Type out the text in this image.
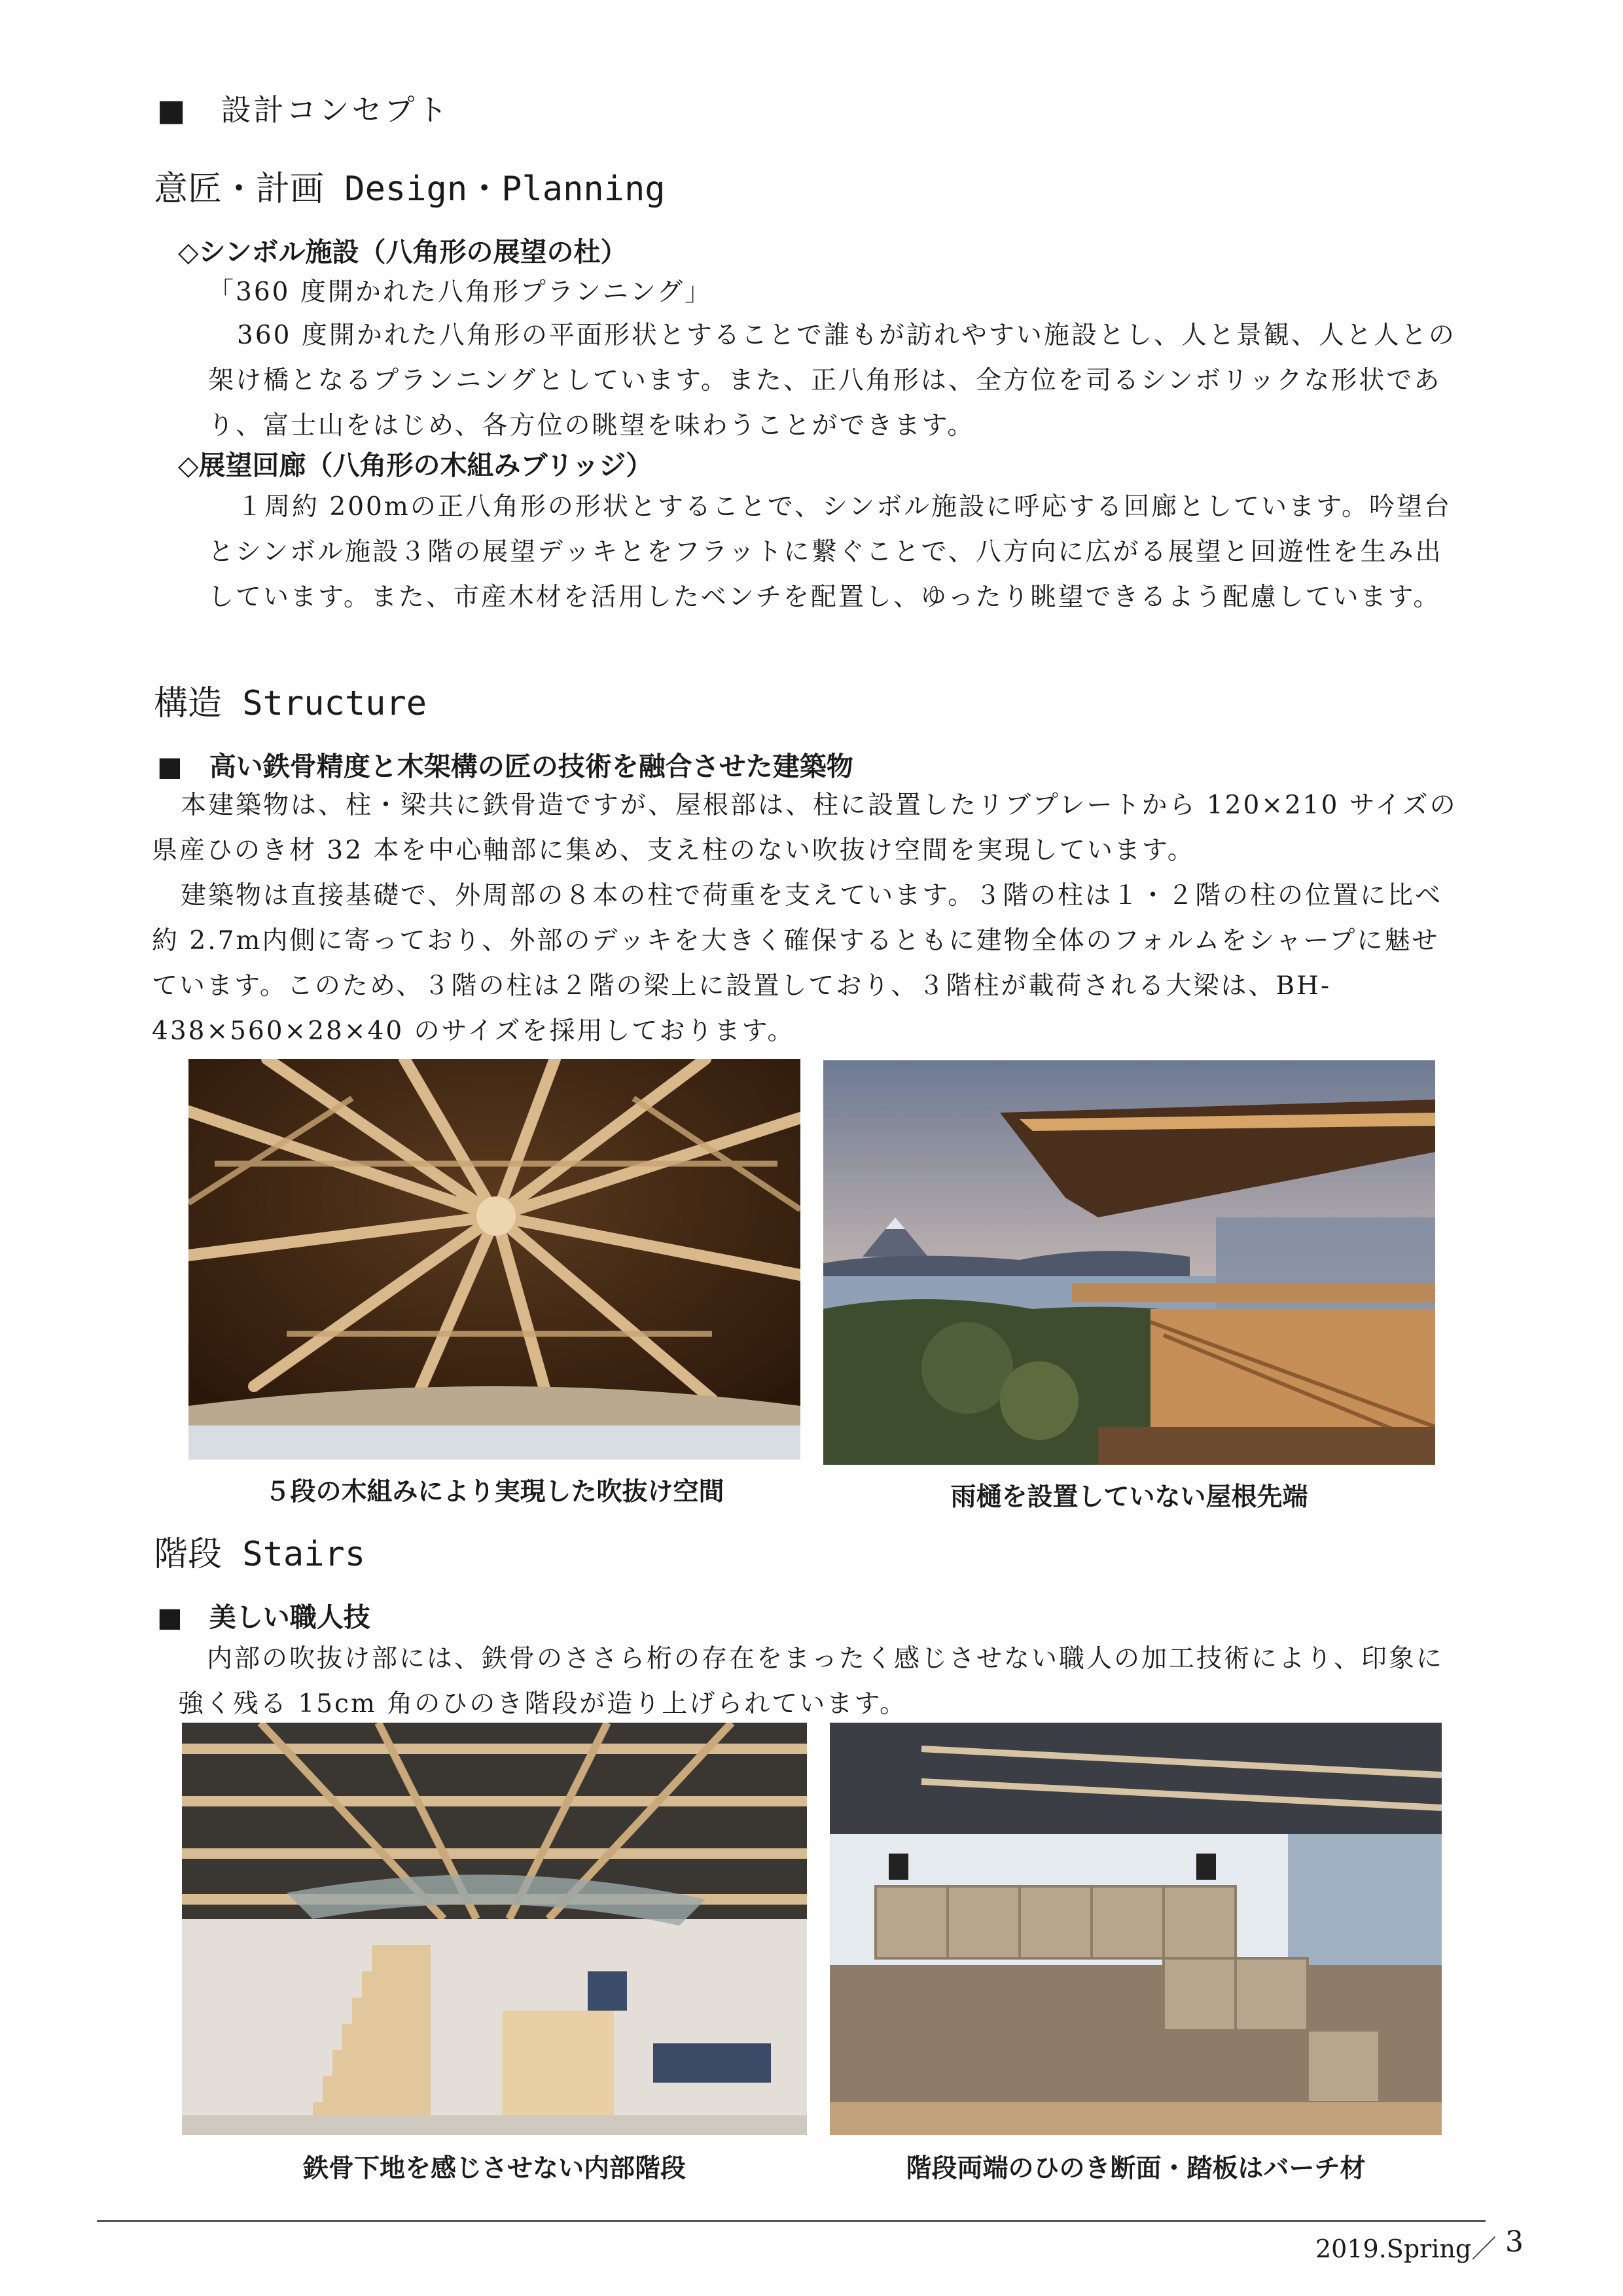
■　設計コンセプト
意匠・計画 Design・Planning
◇シンボル施設（八角形の展望の杜）
「360 度開かれた八角形プランニング」
360 度開かれた八角形の平面形状とすることで誰もが訪れやすい施設とし、人と景観、人と人との架け橋となるプランニングとしています。また、正八角形は、全方位を司るシンボリックな形状であり、富士山をはじめ、各方位の眺望を味わうことができます。
◇展望回廊（八角形の木組みブリッジ）
１周約 200mの正八角形の形状とすることで、シンボル施設に呼応する回廊としています。吟望台とシンボル施設３階の展望デッキとをフラットに繋ぐことで、八方向に広がる展望と回遊性を生み出しています。また、市産木材を活用したベンチを配置し、ゆったり眺望できるよう配慮しています。
構造 Structure
■　高い鉄骨精度と木架構の匠の技術を融合させた建築物

本建築物は、柱・梁共に鉄骨造ですが、屋根部は、柱に設置したリブプレートから 120×210 サイズの県産ひのき材 32 本を中心軸部に集め、支え柱のない吹抜け空間を実現しています。

建築物は直接基礎で、外周部の８本の柱で荷重を支えています。３階の柱は１・２階の柱の位置に比べ約 2.7m内側に寄っており、外部のデッキを大きく確保するともに建物全体のフォルムをシャープに魅せています。このため、３階の柱は２階の梁上に設置しており、３階柱が載荷される大梁は、BH-438×560×28×40 のサイズを採用しております。

５段の木組みにより実現した吹抜け空間	雨樋を設置していない屋根先端
階段 Stairs
■　美しい職人技
内部の吹抜け部には、鉄骨のささら桁の存在をまったく感じさせない職人の加工技術により、印象に強く残る 15cm 角のひのき階段が造り上げられています。
鉄骨下地を感じさせない内部階段	階段両端のひのき断面・踏板はバーチ材
2019.Spring／ 3
